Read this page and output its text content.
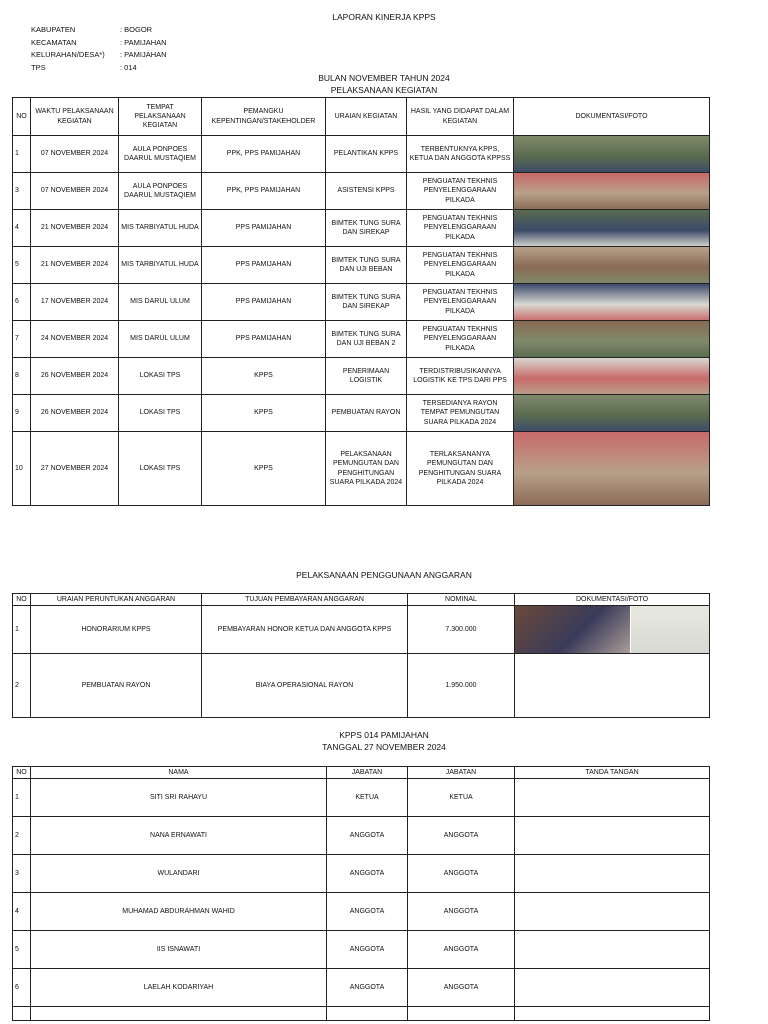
LAPORAN KINERJA KPPS
KABUPATEN	: BOGOR
KECAMATAN	: PAMIJAHAN
KELURAHAN/DESA*) : PAMIJAHAN
TPS	: 014
BULAN NOVEMBER TAHUN 2024
PELAKSANAAN KEGIATAN
NO	WAKTU PELAKSANAAN KEGIATAN	TEMPAT PELAKSANAAN KEGIATAN	PEMANGKU KEPENTINGAN/STAKEHOLDER	URAIAN KEGIATAN	HASIL YANG DIDAPAT DALAM KEGIATAN	DOKUMENTASI/FOTO
1	07 NOVEMBER 2024	AULA PONPOES DAARUL MUSTAQIEM	PPK, PPS PAMIJAHAN	PELANTIKAN KPPS	TERBENTUKNYA KPPS, KETUA DAN ANGGOTA KPPSS	

3	07 NOVEMBER 2024	AULA PONPOES DAARUL MUSTAQIEM	PPK, PPS PAMIJAHAN	ASISTENSI KPPS	PENGUATAN TEKHNIS PENYELENGGARAAN PILKADA	

4	21 NOVEMBER 2024	MIS TARBIYATUL HUDA	PPS PAMIJAHAN	BIMTEK TUNG SURA DAN SIREKAP	PENGUATAN TEKHNIS PENYELENGGARAAN PILKADA	

5	21 NOVEMBER 2024	MIS TARBIYATUL HUDA	PPS PAMIJAHAN	BIMTEK TUNG SURA DAN UJI BEBAN	PENGUATAN TEKHNIS PENYELENGGARAAN PILKADA	

6	17 NOVEMBER 2024	MIS DARUL ULUM	PPS PAMIJAHAN	BIMTEK TUNG SURA DAN SIREKAP	PENGUATAN TEKHNIS PENYELENGGARAAN PILKADA	

7	24 NOVEMBER 2024	MIS DARUL ULUM	PPS PAMIJAHAN	BIMTEK TUNG SURA DAN UJI BEBAN 2	PENGUATAN TEKHNIS PENYELENGGARAAN PILKADA	

8	26 NOVEMBER 2024	LOKASI TPS	KPPS	PENERIMAAN LOGISTIK	TERDISTRIBUSIKANNYA LOGISTIK KE TPS DARI PPS	

9	26 NOVEMBER 2024	LOKASI TPS	KPPS	PEMBUATAN RAYON	TERSEDIANYA RAYON TEMPAT PEMUNGUTAN SUARA PILKADA 2024	

10	27 NOVEMBER 2024	LOKASI TPS	KPPS	PELAKSANAAN PEMUNGUTAN DAN PENGHITUNGAN SUARA PILKADA 2024	TERLAKSANANYA PEMUNGUTAN DAN PENGHITUNGAN SUARA PILKADA 2024	
PELAKSANAAN PENGGUNAAN ANGGARAN
NO	URAIAN PERUNTUKAN ANGGARAN	TUJUAN PEMBAYARAN ANGGARAN	NOMINAL	DOKUMENTASI/FOTO
1	HONORARIUM KPPS	PEMBAYARAN HONOR KETUA DAN ANGGOTA KPPS	7.300.000	

2	PEMBUATAN RAYON	BIAYA OPERASIONAL RAYON	1.950.000	
KPPS 014 PAMIJAHAN
TANGGAL 27 NOVEMBER 2024
NO	NAMA	JABATAN	JABATAN	TANDA TANGAN
1	SITI SRI RAHAYU	KETUA	KETUA	
2	NANA ERNAWATI	ANGGOTA	ANGGOTA	
3	WULANDARI	ANGGOTA	ANGGOTA	
4	MUHAMAD ABDURAHMAN WAHID	ANGGOTA	ANGGOTA	
5	IIS ISNAWATI	ANGGOTA	ANGGOTA	
6	LAELAH KODARIYAH	ANGGOTA	ANGGOTA	
